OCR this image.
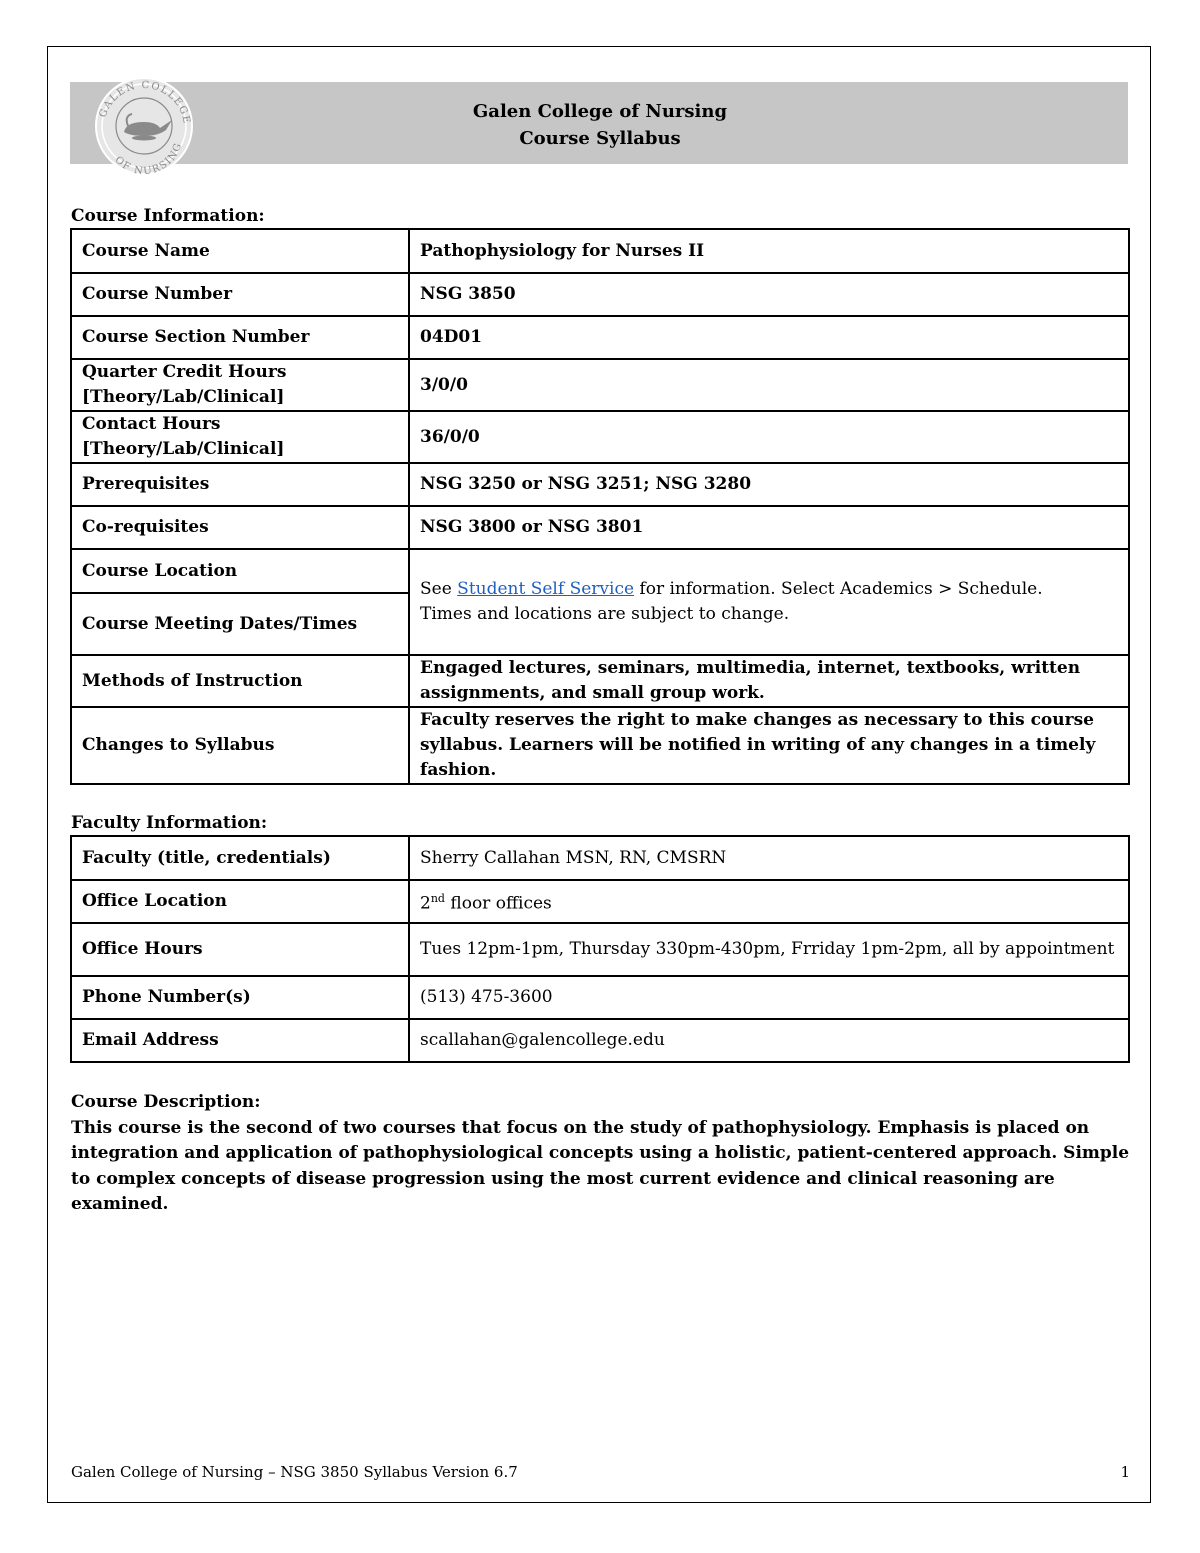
GALEN COLLEGE
OF NURSING
Galen College of Nursing
Course Syllabus
Course Information:
Course Name	Pathophysiology for Nurses II
Course Number	NSG 3850
Course Section Number	04D01
Quarter Credit Hours [Theory/Lab/Clinical]	3/0/0
Contact Hours [Theory/Lab/Clinical]	36/0/0
Prerequisites	NSG 3250 or NSG 3251; NSG 3280
Co-requisites	NSG 3800 or NSG 3801
Course Location	See Student Self Service for information. Select Academics > Schedule.
Times and locations are subject to change.
Course Meeting Dates/Times	
Methods of Instruction	Engaged lectures, seminars, multimedia, internet, textbooks, written assignments, and small group work.
Changes to Syllabus	Faculty reserves the right to make changes as necessary to this course syllabus. Learners will be notified in writing of any changes in a timely fashion.
Faculty Information:
Faculty (title, credentials)	Sherry Callahan MSN, RN, CMSRN
Office Location	2nd floor offices
Office Hours	Tues 12pm-1pm, Thursday 330pm-430pm, Frriday 1pm-2pm, all by appointment
Phone Number(s)	(513) 475-3600
Email Address	scallahan@galencollege.edu
Course Description:
This course is the second of two courses that focus on the study of pathophysiology. Emphasis is placed on integration and application of pathophysiological concepts using a holistic, patient-centered approach. Simple to complex concepts of disease progression using the most current evidence and clinical reasoning are examined.
Galen College of Nursing – NSG 3850 Syllabus Version 6.7	1
